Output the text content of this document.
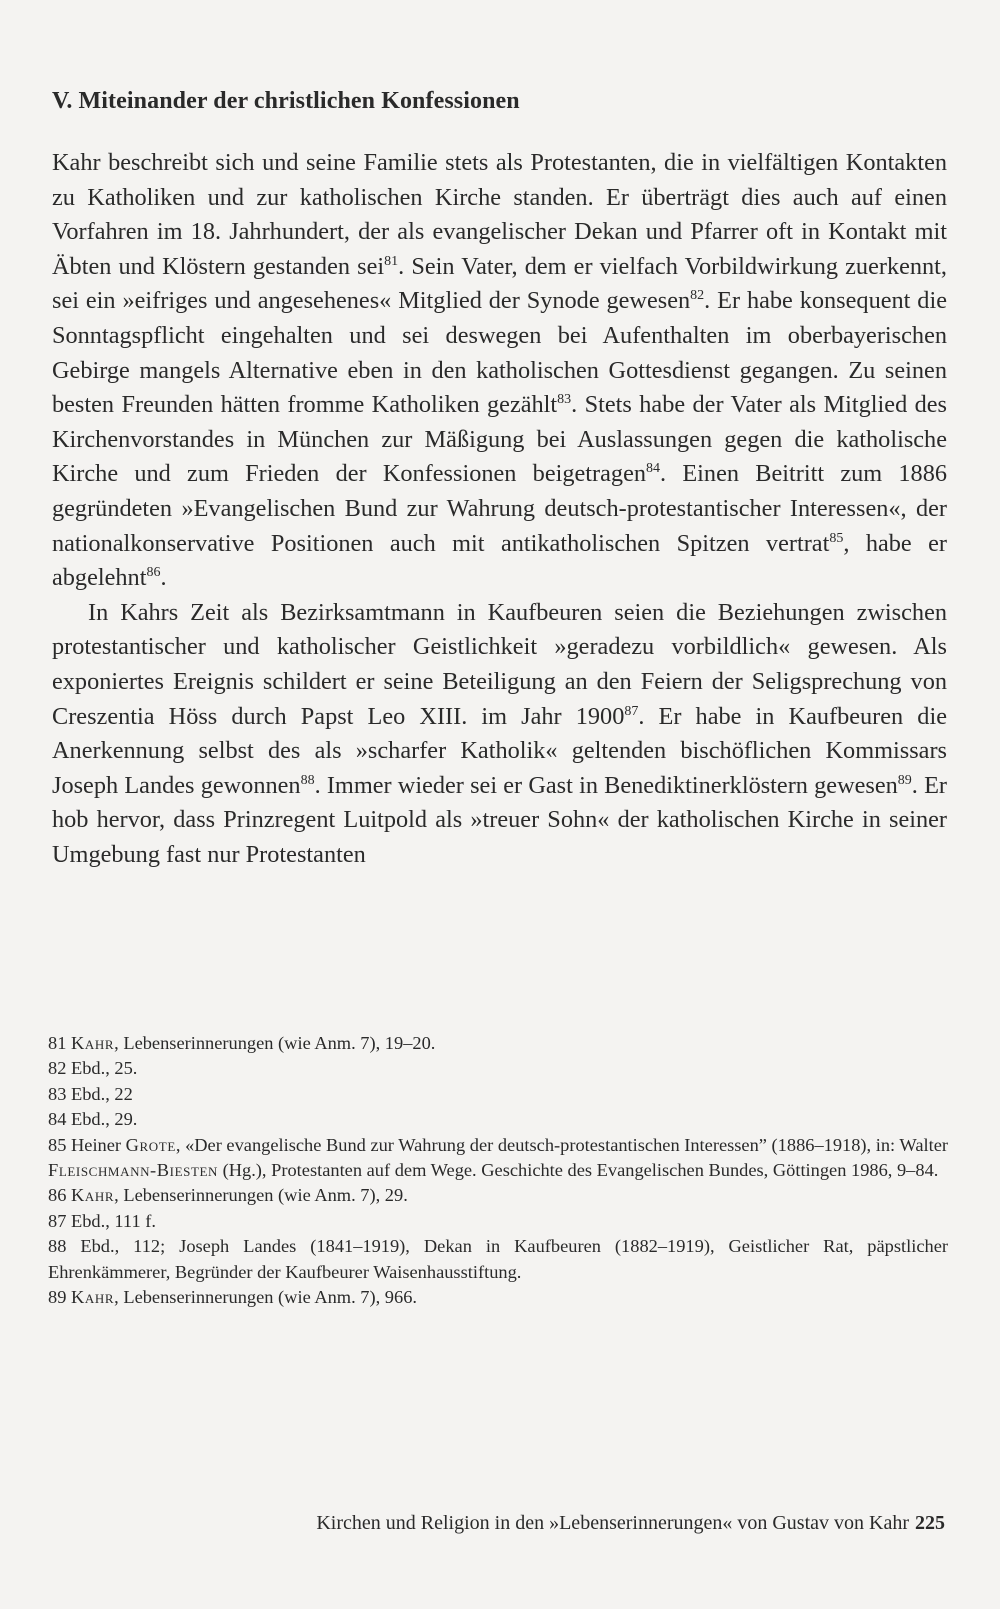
V. Miteinander der christlichen Konfessionen

Kahr beschreibt sich und seine Familie stets als Protestanten, die in vielfältigen Kontakten zu Katholiken und zur katholischen Kirche standen. Er überträgt dies auch auf einen Vorfahren im 18. Jahrhundert, der als evangelischer Dekan und Pfarrer oft in Kontakt mit Äbten und Klöstern gestanden sei$^{81}$. Sein Vater, dem er vielfach Vorbildwirkung zuerkennt, sei ein »eifriges und angesehenes« Mitglied der Synode gewesen$^{82}$. Er habe konsequent die Sonntagspflicht eingehalten und sei deswegen bei Aufenthalten im oberbayerischen Gebirge mangels Alternative eben in den katholischen Gottesdienst gegangen. Zu seinen besten Freunden hätten fromme Katholiken gezählt$^{83}$. Stets habe der Vater als Mitglied des Kirchenvorstandes in München zur Mäßigung bei Auslassungen gegen die katholische Kirche und zum Frieden der Konfessionen beigetragen$^{84}$. Einen Beitritt zum 1886 gegründeten »Evangelischen Bund zur Wahrung deutsch-protestantischer Interessen«, der nationalkonservative Positionen auch mit antikatholischen Spitzen vertrat$^{85}$, habe er abgelehnt$^{86}$.

In Kahrs Zeit als Bezirksamtmann in Kaufbeuren seien die Beziehungen zwischen protestantischer und katholischer Geistlichkeit »geradezu vorbildlich« gewesen. Als exponiertes Ereignis schildert er seine Beteiligung an den Feiern der Seligsprechung von Creszentia Höss durch Papst Leo XIII. im Jahr 1900$^{87}$. Er habe in Kaufbeuren die Anerkennung selbst des als »scharfer Katholik« geltenden bischöflichen Kommissars Joseph Landes gewonnen$^{88}$. Immer wieder sei er Gast in Benediktinerklöstern gewesen$^{89}$. Er hob hervor, dass Prinzregent Luitpold als »treuer Sohn« der katholischen Kirche in seiner Umgebung fast nur Protestanten

81 Kahr, Lebenserinnerungen (wie Anm. 7), 19–20.

82 Ebd., 25.

83 Ebd., 22

84 Ebd., 29.

85 Heiner Grote, «Der evangelische Bund zur Wahrung der deutsch-protestantischen Interessen” (1886–1918), in: Walter Fleischmann-Biesten (Hg.), Protestanten auf dem Wege. Geschichte des Evangelischen Bundes, Göttingen 1986, 9–84.

86 Kahr, Lebenserinnerungen (wie Anm. 7), 29.

87 Ebd., 111 f.

88 Ebd., 112; Joseph Landes (1841–1919), Dekan in Kaufbeuren (1882–1919), Geistlicher Rat, päpstlicher Ehrenkämmerer, Begründer der Kaufbeurer Waisenhausstiftung.

89 Kahr, Lebenserinnerungen (wie Anm. 7), 966.

Kirchen und Religion in den »Lebenserinnerungen« von Gustav von Kahr 225
